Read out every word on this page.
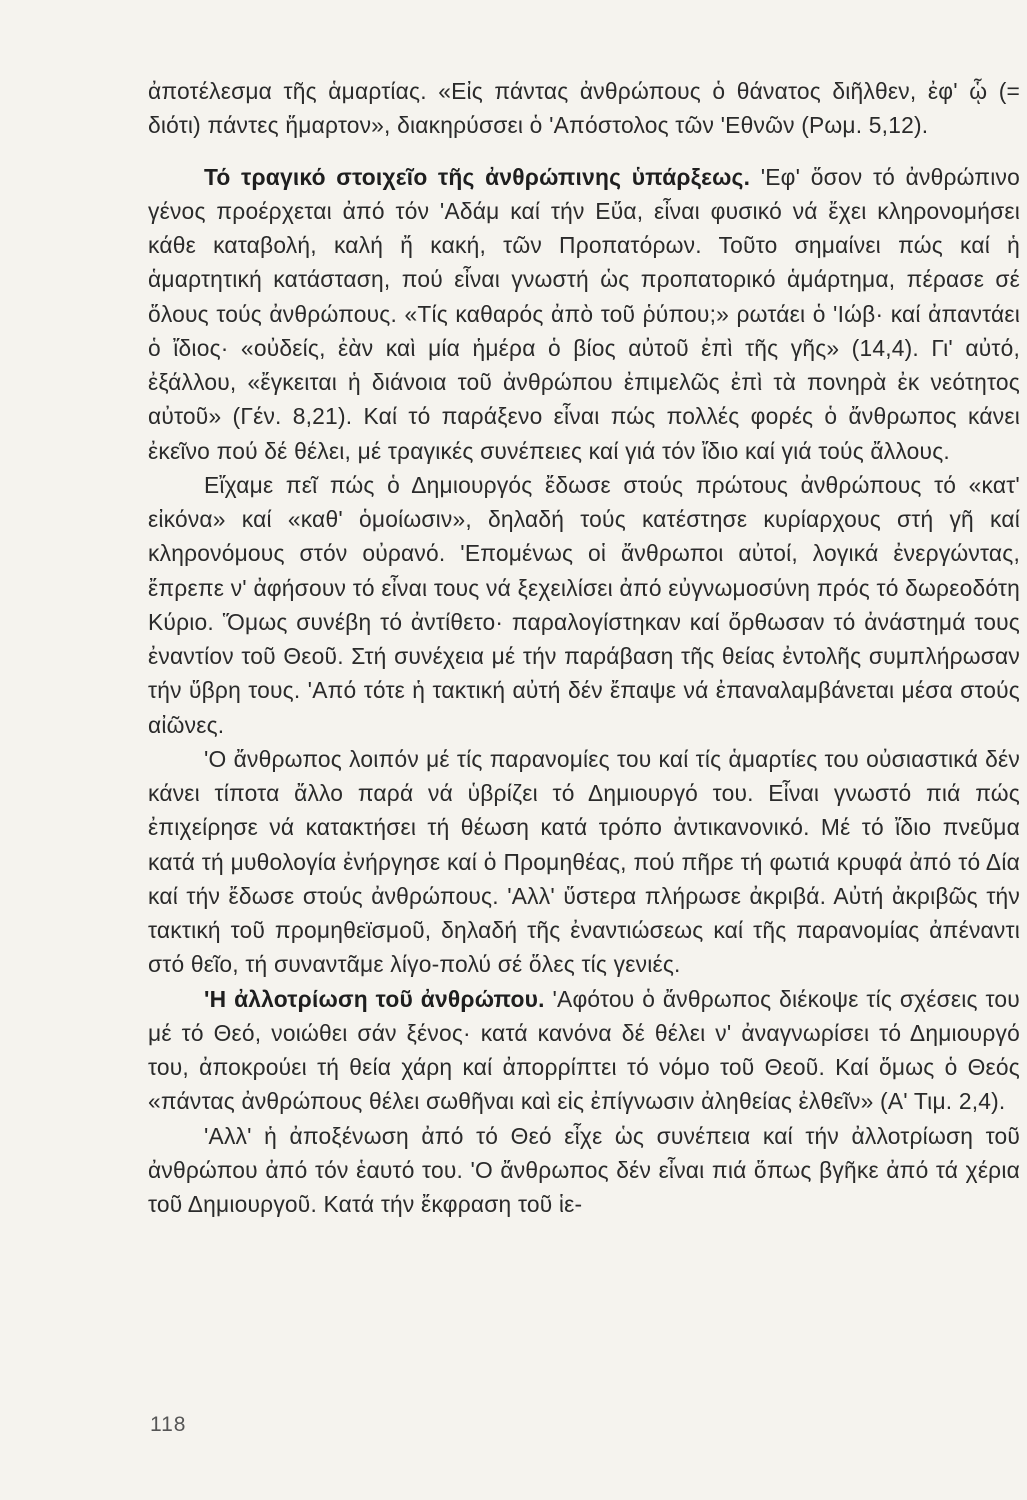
ἀποτέλεσμα τῆς ἁμαρτίας. «Εἰς πάντας ἀνθρώπους ὁ θάνατος διῆλθεν, ἐφ' ᾧ (= διότι) πάντες ἥμαρτον», διακηρύσσει ὁ 'Απόστολος τῶν 'Εθνῶν (Ρωμ. 5,12).

Τό τραγικό στοιχεῖο τῆς ἀνθρώπινης ὑπάρξεως. 'Εφ' ὅσον τό ἀνθρώπινο γένος προέρχεται ἀπό τόν 'Αδάμ καί τήν Εὔα, εἶναι φυσικό νά ἔχει κληρονομήσει κάθε καταβολή, καλή ἤ κακή, τῶν Προπατόρων. Τοῦτο σημαίνει πώς καί ἡ ἁμαρτητική κατάσταση, πού εἶναι γνωστή ὡς προπατορικό ἁμάρτημα, πέρασε σέ ὅλους τούς ἀνθρώπους. «Τίς καθαρός ἀπὸ τοῦ ῥύπου;» ρωτάει ὁ 'Ιώβ· καί ἀπαντάει ὁ ἴδιος· «οὐδείς, ἐὰν καὶ μία ἡμέρα ὁ βίος αὐτοῦ ἐπὶ τῆς γῆς» (14,4). Γι' αὐτό, ἐξάλλου, «ἔγκειται ἡ διάνοια τοῦ ἀνθρώπου ἐπιμελῶς ἐπὶ τὰ πονηρὰ ἐκ νεότητος αὐτοῦ» (Γέν. 8,21). Καί τό παράξενο εἶναι πώς πολλές φορές ὁ ἄνθρωπος κάνει ἐκεῖνο πού δέ θέλει, μέ τραγικές συνέπειες καί γιά τόν ἴδιο καί γιά τούς ἄλλους.

Εἴχαμε πεῖ πώς ὁ Δημιουργός ἔδωσε στούς πρώτους ἀνθρώπους τό «κατ' εἰκόνα» καί «καθ' ὁμοίωσιν», δηλαδή τούς κατέστησε κυρίαρχους στή γῆ καί κληρονόμους στόν οὐρανό. 'Επομένως οἱ ἄνθρωποι αὐτοί, λογικά ἐνεργώντας, ἔπρεπε ν' ἀφήσουν τό εἶναι τους νά ξεχειλίσει ἀπό εὐγνωμοσύνη πρός τό δωρεοδότη Κύριο. Ὅμως συνέβη τό ἀντίθετο· παραλογίστηκαν καί ὄρθωσαν τό ἀνάστημά τους ἐναντίον τοῦ Θεοῦ. Στή συνέχεια μέ τήν παράβαση τῆς θείας ἐντολῆς συμπλήρωσαν τήν ὕβρη τους. 'Από τότε ἡ τακτική αὐτή δέν ἔπαψε νά ἐπαναλαμβάνεται μέσα στούς αἰῶνες.

'Ο ἄνθρωπος λοιπόν μέ τίς παρανομίες του καί τίς ἁμαρτίες του οὐσιαστικά δέν κάνει τίποτα ἄλλο παρά νά ὑβρίζει τό Δημιουργό του. Εἶναι γνωστό πιά πώς ἐπιχείρησε νά κατακτήσει τή θέωση κατά τρόπο ἀντικανονικό. Μέ τό ἴδιο πνεῦμα κατά τή μυθολογία ἐνήργησε καί ὁ Προμηθέας, πού πῆρε τή φωτιά κρυφά ἀπό τό Δία καί τήν ἔδωσε στούς ἀνθρώπους. 'Αλλ' ὕστερα πλήρωσε ἀκριβά. Αὐτή ἀκριβῶς τήν τακτική τοῦ προμηθεϊσμοῦ, δηλαδή τῆς ἐναντιώσεως καί τῆς παρανομίας ἀπέναντι στό θεῖο, τή συναντᾶμε λίγο-πολύ σέ ὅλες τίς γενιές.

'Η ἀλλοτρίωση τοῦ ἀνθρώπου. 'Αφότου ὁ ἄνθρωπος διέκοψε τίς σχέσεις του μέ τό Θεό, νοιώθει σάν ξένος· κατά κανόνα δέ θέλει ν' ἀναγνωρίσει τό Δημιουργό του, ἀποκρούει τή θεία χάρη καί ἀπορρίπτει τό νόμο τοῦ Θεοῦ. Καί ὅμως ὁ Θεός «πάντας ἀνθρώπους θέλει σωθῆναι καὶ εἰς ἐπίγνωσιν ἀληθείας ἐλθεῖν» (Α' Τιμ. 2,4).

'Αλλ' ἡ ἀποξένωση ἀπό τό Θεό εἶχε ὡς συνέπεια καί τήν ἀλλοτρίωση τοῦ ἀνθρώπου ἀπό τόν ἑαυτό του. 'Ο ἄνθρωπος δέν εἶναι πιά ὅπως βγῆκε ἀπό τά χέρια τοῦ Δημιουργοῦ. Κατά τήν ἔκφραση τοῦ ἱε-

118
